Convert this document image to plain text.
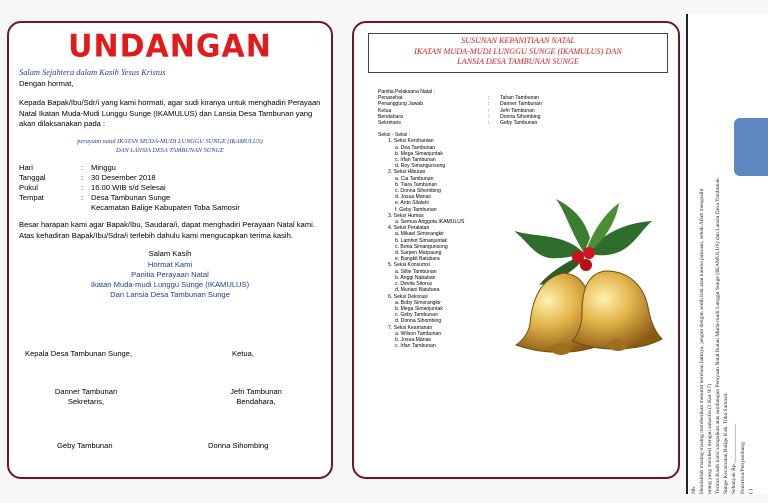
UNDANGAN
Salam Sejahtera dalam Kasih Yesus Kristus
Dengan hormat,
Kepada Bapak/Ibu/Sdr/i yang kami hormati, agar sudi kiranya untuk menghadiri Perayaan Natal Ikatan Muda-Mudi Lunggu Sunge (IKAMULUS) dan Lansia Desa Tambunan yang akan dilaksanakan pada :
perayaan natal IKATAN MUDA-MUDI LUNGGU SUNGE (IKAMULUS)
DAN LANSIA DESA TAMBUNAN SUNGE
Hari	:	Minggu
Tanggal	:	30 Desember 2018
Pukul	:	16.00 WIB s/d Selesai
Tempat	:	Desa Tambunan Sunge
		Kecamatan Balige Kabupaten Toba Samosir
Besar harapan kami agar Bapak/Ibu, Saudara/i, dapat menghadiri Perayaan Natal kami.
Atas kehadiran Bapak/Ibu/Sdra/i terlebih dahulu kami mengucapkan terima kasih.
Salam Kasih
Hormat Kami
Panitia Perayaan Natal
Ikatan Muda-mudi Lunggu Sunge (IKAMULUS)
Dan Lansia Desa Tambunan Sunge
Kepala Desa Tambunan Sunge,	Ketua,
Danner Tambunan
Sekretaris,
Jefri Tambunan
Bendahara,
Geby Tambunan	Donna Sihombing
SUSUNAN KEPANITIAAN NATAL
IKATAN MUDA-MUDI LUNGGU SUNGE (IKAMULUS) DAN
LANSIA DESA TAMBUNAN SUNGE
Panitia Pelaksana Natal :
Penasehat	:	Tahan Tambunan
Penanggung Jawab	:	Danner Tambunan
Ketua	:	Jefri Tambunan
Bendahara	:	Donna Sihombing
Sekretaris	:	Geby Tambunan
Seksi - Seksi :
1. Seksi Kerohanian
a. Dea Tambunan
b. Mega Simanjuntak
c. Irfan Tambunan
d. Roy Simangunsong
2. Seksi Hiburan
a. Cia Tambunan
b. Tiara Tambunan
c. Donna Sihombing
d. Josua Manao
e. Anto Silalahi
f. Geby Tambunan
3. Seksi Humas
a. Semua Anggota IKAMULUS
4. Seksi Peralatan
a. Mikael Simorangkir
b. Lamhot Simanjuntak
c. Bona Simangunsong
d. Sarpen Marpaung
e. Bangkit Batubara
5. Seksi Konsumsi
a. Sillie Tambunan
b. Anggi Nababan
c. Devita Sitorus
d. Muriani Batubara
6. Seksi Dekorasi
a. Boby Simorangkir
b. Mega Simanjuntak
c. Geby Tambunan
d. Donna Sihombing
7. Seksi Keamanan
a. Wilson Tambunan
b. Josua Manao
c. Irfan Tambunan
Nb. Hendaklah masing-masing memberikan menurut kerelaan hatinya, jangan dengan sedih hati atau karena paksaan, sebab Allah mengasihi orang yang memberi dengan sukacita (2 Kor 9:7) Terima Kasih kami sampaikan atas sumbangan Perayaan Natal Ikatan Muda-mudi Lunggu Sunge (IKAMULUS) dan Lansia Desa Tambunan Sunge Kecamatan Balige Kab. Toba Samosir. Sebanyak Rp.______________ Penerima/Penyumbang ( )
